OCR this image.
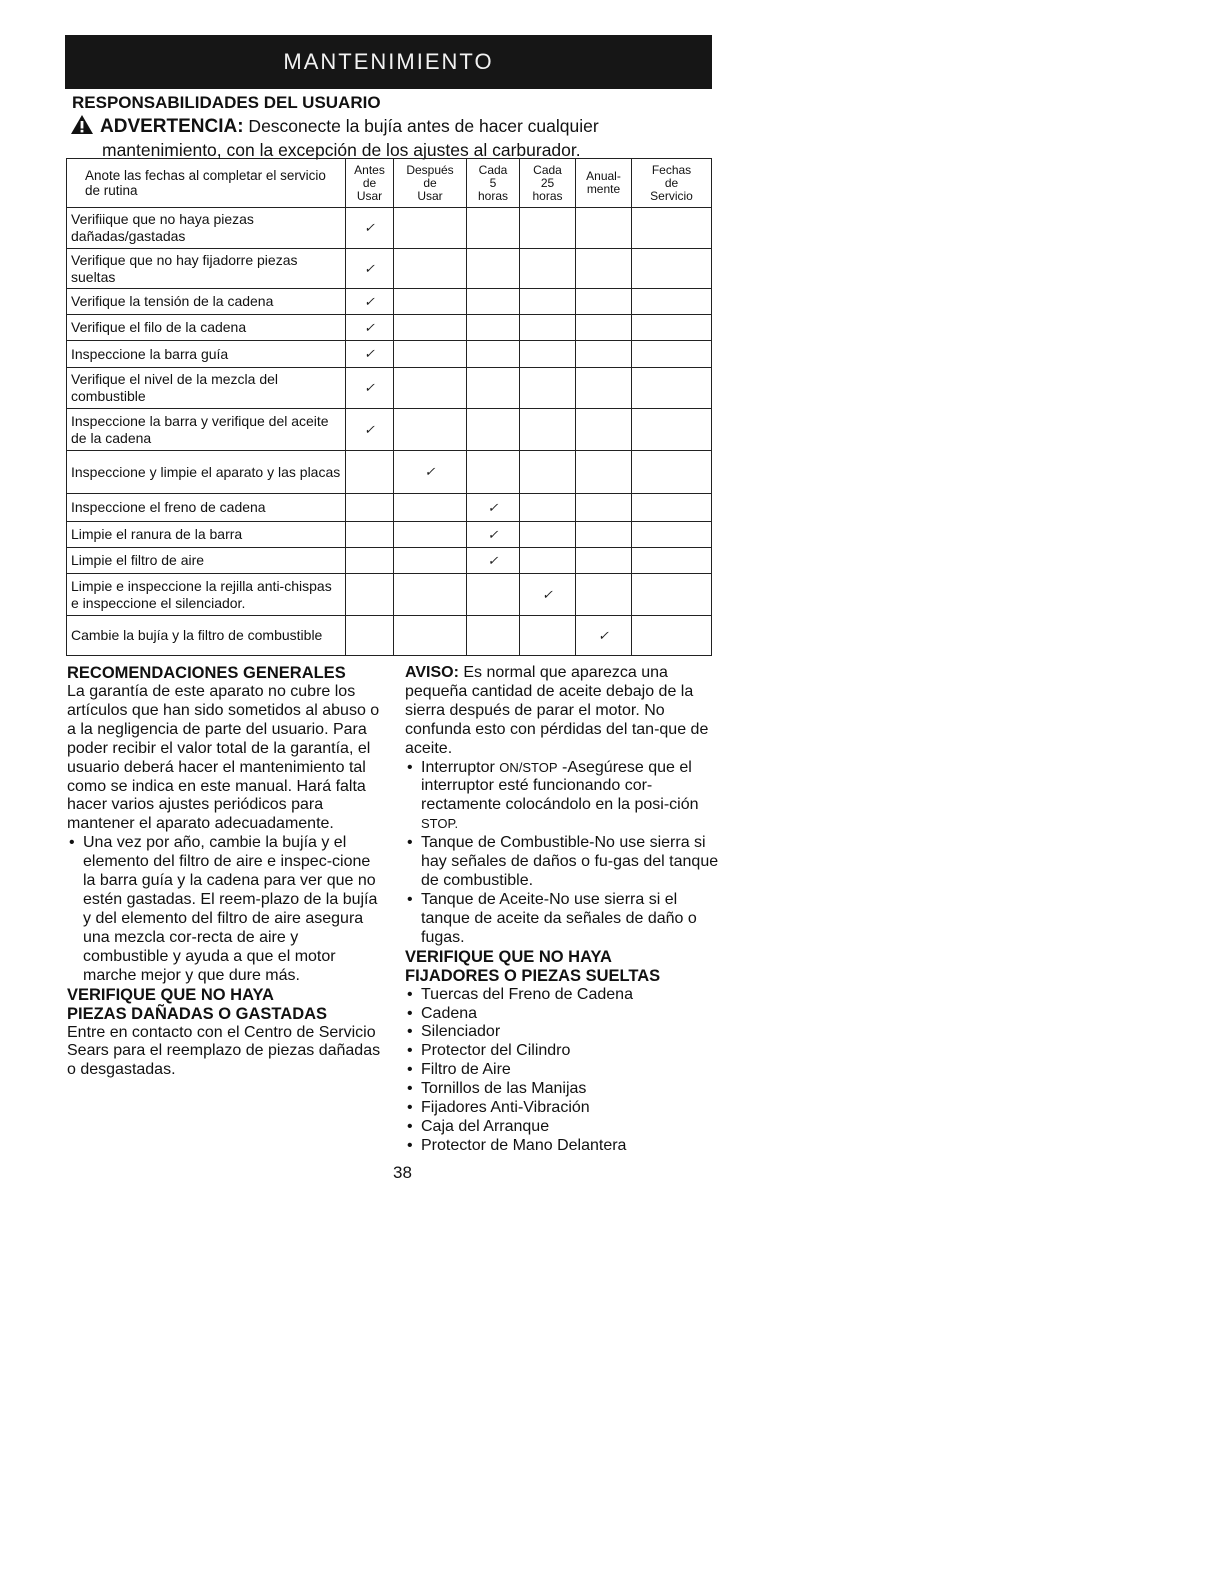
MANTENIMIENTO
RESPONSABILIDADES DEL USUARIO
ADVERTENCIA: Desconecte la bujía antes de hacer cualquier
mantenimiento, con la excepción de los ajustes al carburador.
Anote las fechas al completar el servicio de rutina	Antes
de
Usar	Después
de
Usar	Cada
5
horas	Cada
25
horas	Anual-
mente	Fechas
de
Servicio
Verifiique que no haya piezas dañadas/gastadas	✓					
Verifique que no hay fijadorre piezas sueltas	✓					
Verifique la tensión de la cadena	✓					
Verifique el filo de la cadena	✓					
Inspeccione la barra guía	✓					
Verifique el nivel de la mezcla del combustible	✓					
Inspeccione la barra y verifique del aceite de la cadena	✓					
Inspeccione y limpie el aparato y las placas		✓				
Inspeccione el freno de cadena			✓			
Limpie el ranura de la barra			✓			
Limpie el filtro de aire			✓			
Limpie e inspeccione la rejilla anti-chispas e inspeccione el silenciador.				✓		
Cambie la bujía y la filtro de combustible					✓	
RECOMENDACIONES GENERALES

La garantía de este aparato no cubre los artículos que han sido sometidos al abuso o a la negligencia de parte del usuario. Para poder recibir el valor total de la garantía, el usuario deberá hacer el mantenimiento tal como se indica en este manual. Hará falta hacer varios ajustes periódicos para mantener el aparato adecuadamente.

• Una vez por año, cambie la bujía y el elemento del filtro de aire e inspec-cione la barra guía y la cadena para ver que no estén gastadas. El reem-plazo de la bujía y del elemento del filtro de aire asegura una mezcla cor-recta de aire y combustible y ayuda a que el motor marche mejor y que dure más.
VERIFIQUE QUE NO HAYA
PIEZAS DAÑADAS O GASTADAS

Entre en contacto con el Centro de Servicio Sears para el reemplazo de piezas dañadas o desgastadas.

AVISO: Es normal que aparezca una pequeña cantidad de aceite debajo de la sierra después de parar el motor. No confunda esto con pérdidas del tan-que de aceite.

• Interruptor ON/STOP -Asegúrese que el interruptor esté funcionando cor-rectamente colocándolo en la posi-ción STOP.
• Tanque de Combustible-No use sierra si hay señales de daños o fu-gas del tanque de combustible.
• Tanque de Aceite-No use sierra si el tanque de aceite da señales de daño o fugas.
VERIFIQUE QUE NO HAYA
FIJADORES O PIEZAS SUELTAS
• Tuercas del Freno de Cadena
• Cadena
• Silenciador
• Protector del Cilindro
• Filtro de Aire
• Tornillos de las Manijas
• Fijadores Anti-Vibración
• Caja del Arranque
• Protector de Mano Delantera
38
